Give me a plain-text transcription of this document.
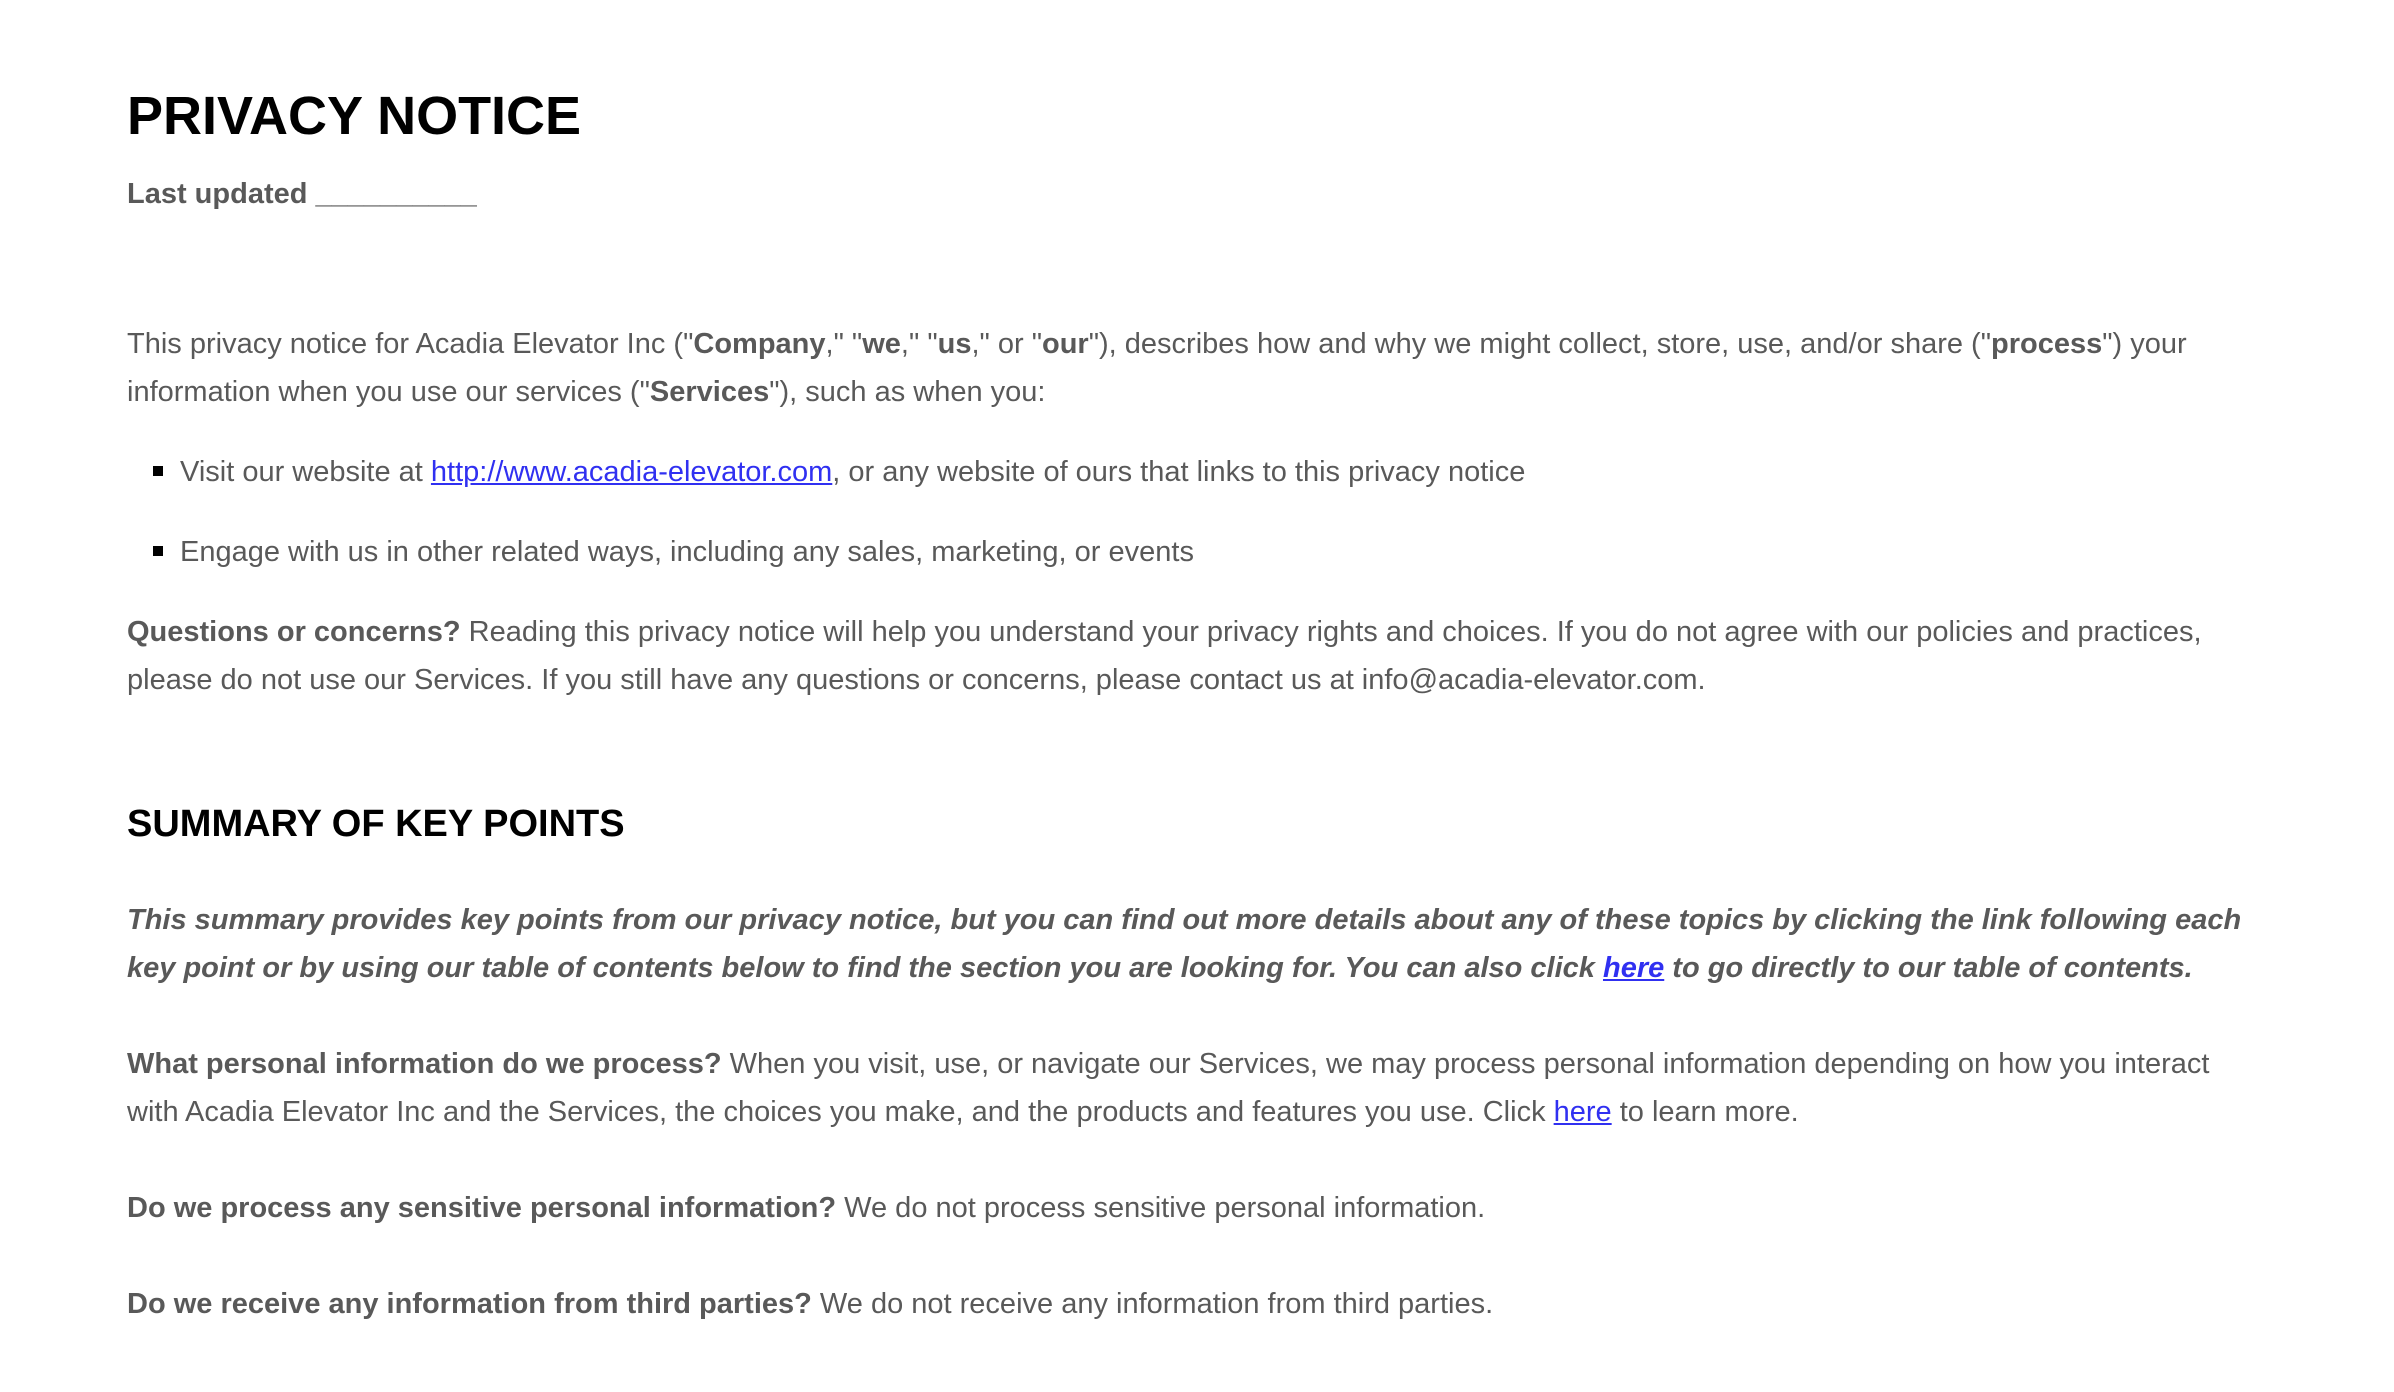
PRIVACY NOTICE
Last updated __________

This privacy notice for Acadia Elevator Inc ("Company," "we," "us," or "our"), describes how and why we might collect, store, use, and/or share ("process") your information when you use our services ("Services"), such as when you:

Visit our website at http://www.acadia-elevator.com, or any website of ours that links to this privacy notice
Engage with us in other related ways, including any sales, marketing, or events

Questions or concerns? Reading this privacy notice will help you understand your privacy rights and choices. If you do not agree with our policies and practices, please do not use our Services. If you still have any questions or concerns, please contact us at info@acadia-elevator.com.

SUMMARY OF KEY POINTS

This summary provides key points from our privacy notice, but you can find out more details about any of these topics by clicking the link following each key point or by using our table of contents below to find the section you are looking for. You can also click here to go directly to our table of contents.

What personal information do we process? When you visit, use, or navigate our Services, we may process personal information depending on how you interact with Acadia Elevator Inc and the Services, the choices you make, and the products and features you use. Click here to learn more.

Do we process any sensitive personal information? We do not process sensitive personal information.

Do we receive any information from third parties? We do not receive any information from third parties.
